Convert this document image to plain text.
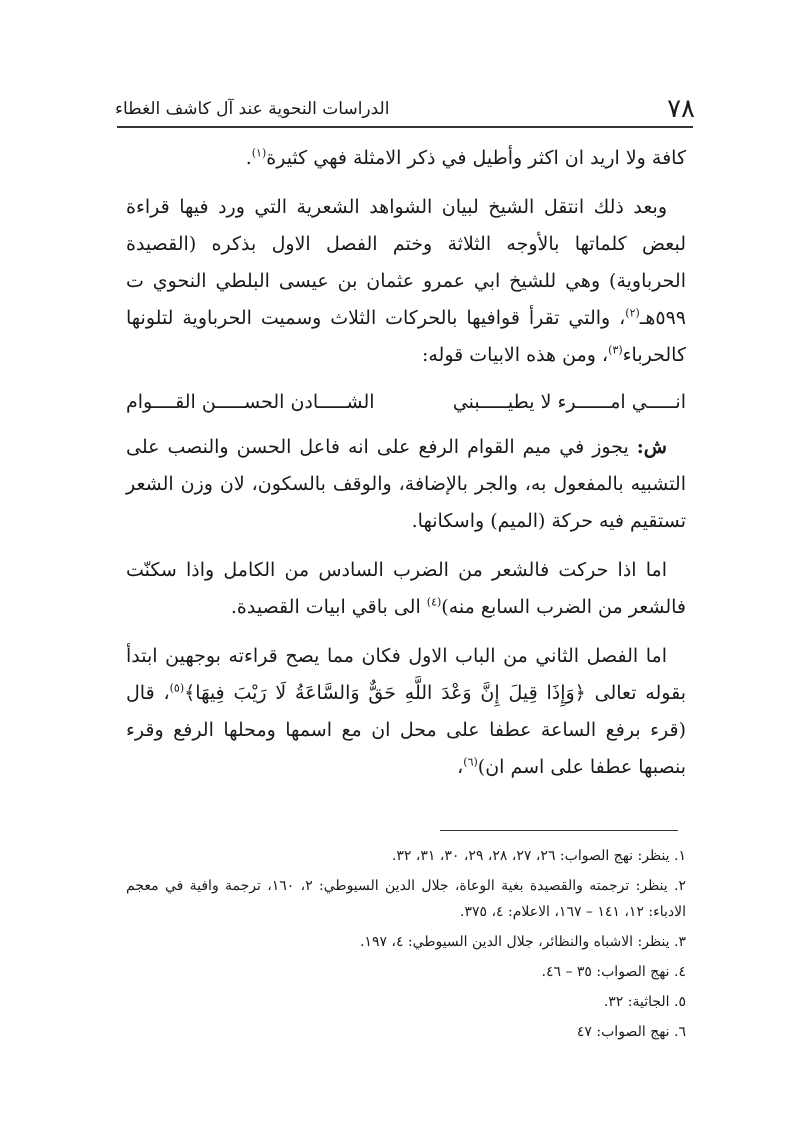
٧٨
الدراسات النحوية عند آل كاشف الغطاء

كافة ولا اريد ان اكثر وأطيل في ذكر الامثلة فهي كثيرة$^{(١)}$.

 وبعد ذلك انتقل الشيخ لبيان الشواهد الشعرية التي ورد فيها قراءة لبعض كلماتها بالأوجه الثلاثة وختم الفصل الاول بذكره (القصيدة الحرباوية) وهي للشيخ ابي عمرو عثمان بن عيسى البلطي النحوي ت ٥٩٩هـ$^{(٢)}$، والتي تقرأ قوافيها بالحركات الثلاث وسميت الحرباوية لتلونها كالحرباء$^{(٣)}$، ومن هذه الابيات قوله:

انـــــي امــــــرء لا يطيـــــبني
الشـــــادن الحســـــن القــــوام

 ش: يجوز في ميم القوام الرفع على انه فاعل الحسن والنصب على التشبيه بالمفعول به، والجر بالإضافة، والوقف بالسكون، لان وزن الشعر تستقيم فيه حركة (الميم) واسكانها.

 اما اذا حركت فالشعر من الضرب السادس من الكامل واذا سكنّت فالشعر من الضرب السابع منه)$^{(٤)}$ الى باقي ابيات القصيدة.

 اما الفصل الثاني من الباب الاول فكان مما يصح قراءته بوجهين ابتدأ بقوله تعالى ﴿وَإِذَا قِيلَ إِنَّ وَعْدَ اللَّهِ حَقٌّ وَالسَّاعَةُ لَا رَيْبَ فِيهَا﴾$^{(٥)}$، قال (قرء برفع الساعة عطفا على محل ان مع اسمها ومحلها الرفع وقرء بنصبها عطفا على اسم ان)$^{(٦)}$،

١. ينظر: نهج الصواب: ٢٦، ٢٧، ٢٨، ٢٩، ٣٠، ٣١، ٣٢.

٢. ينظر: ترجمته والقصيدة بغية الوعاة، جلال الدين السيوطي: ٢، ١٦٠، ترجمة وافية في معجم الادباء: ١٢، ١٤١ – ١٦٧، الاعلام: ٤، ٣٧٥.

٣. ينظر: الاشباه والنظائر، جلال الدين السيوطي: ٤، ١٩٧.

٤. نهج الصواب: ٣٥ – ٤٦.

٥. الجاثية: ٣٢.

٦. نهج الصواب: ٤٧
